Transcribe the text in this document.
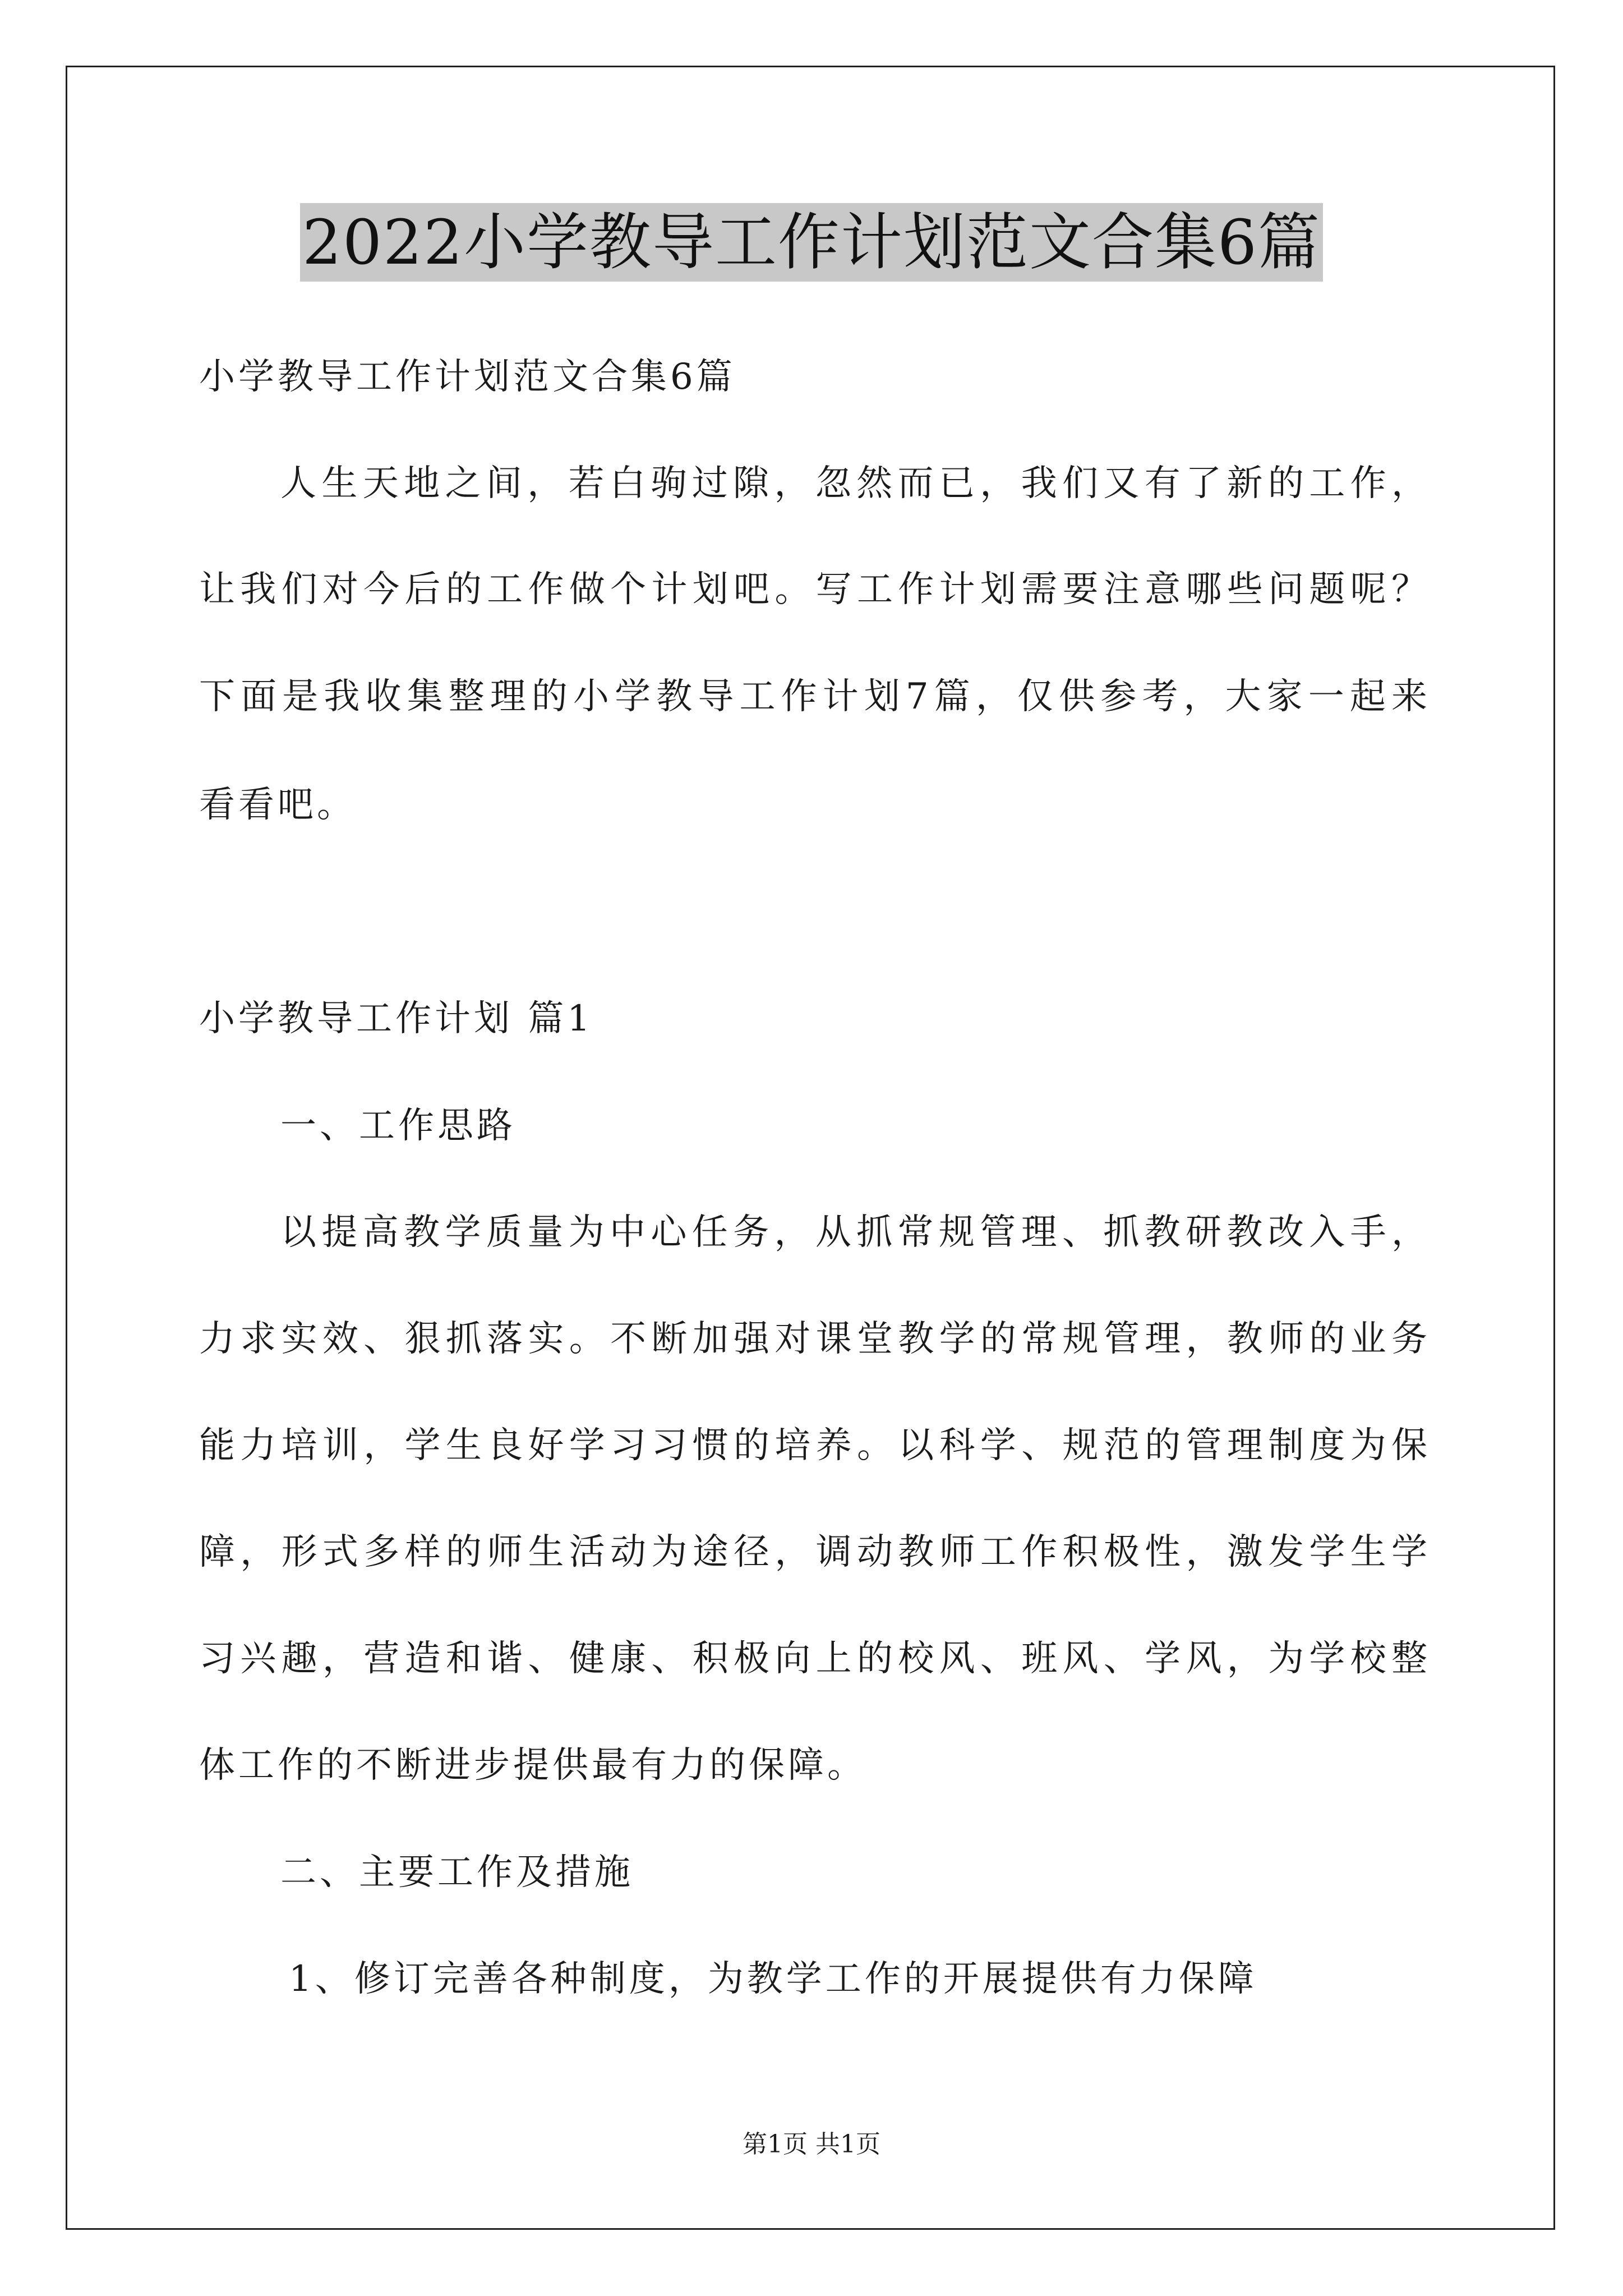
2022小学教导工作计划范文合集6篇
小学教导工作计划范文合集6篇
人生天地之间，若白驹过隙，忽然而已，我们又有了新的工作，
让我们对今后的工作做个计划吧。写工作计划需要注意哪些问题呢？
下面是我收集整理的小学教导工作计划7篇，仅供参考，大家一起来
看看吧。
小学教导工作计划 篇1
一、工作思路
以提高教学质量为中心任务，从抓常规管理、抓教研教改入手，
力求实效、狠抓落实。不断加强对课堂教学的常规管理，教师的业务
能力培训，学生良好学习习惯的培养。以科学、规范的管理制度为保
障，形式多样的师生活动为途径，调动教师工作积极性，激发学生学
习兴趣，营造和谐、健康、积极向上的校风、班风、学风，为学校整
体工作的不断进步提供最有力的保障。
二、主要工作及措施
1、修订完善各种制度，为教学工作的开展提供有力保障
第1页 共1页
